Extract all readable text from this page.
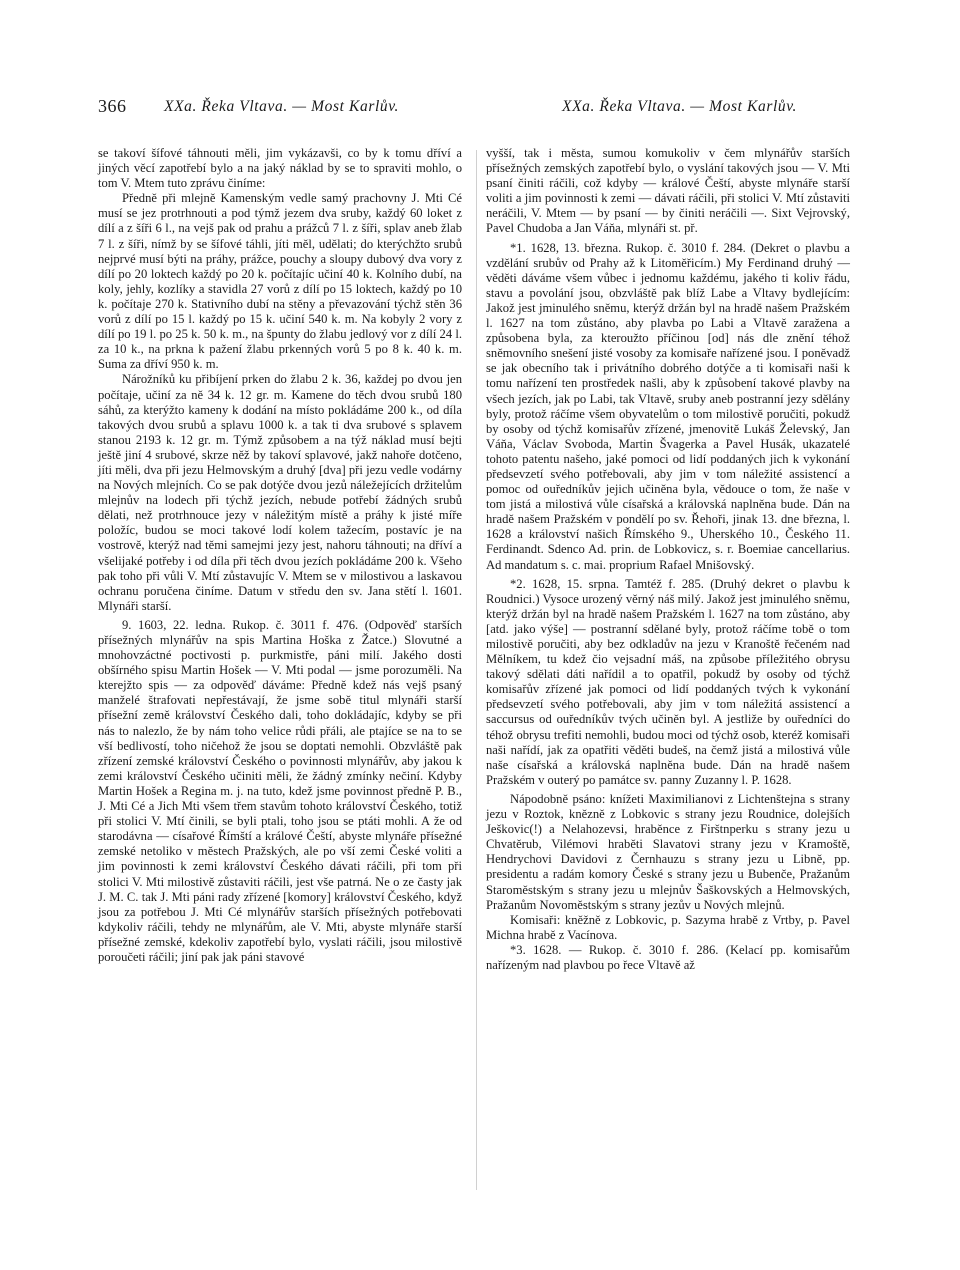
366 XXa. Řeka Vltava. — Most Karlův.	XXa. Řeka Vltava. — Most Karlův.

se takoví šífové táhnouti měli, jim vykázavši, co by k tomu dříví a jiných věcí zapotřebí bylo a na jaký náklad by se to spraviti mohlo, o tom V. Mtem tuto zprávu činíme:

Předně při mlejně Kamenským vedle samý prachovny J. Mti Cé musí se jez protrhnouti a pod týmž jezem dva sruby, každý 60 loket z dílí a z šíři 6 l., na vejš pak od prahu a prážců 7 l. z šíři, splav aneb žlab 7 l. z šíři, nímž by se šífové táhli, jíti měl, udělati; do kterýchžto srubů nejprvé musí býti na práhy, prážce, pouchy a sloupy dubový dva vory z dílí po 20 loktech každý po 20 k. počítajíc učiní 40 k. Kolního dubí, na koly, jehly, kozlíky a stavidla 27 vorů z dílí po 15 loktech, každý po 10 k. počítaje 270 k. Stativního dubí na stěny a převazování týchž stěn 36 vorů z dílí po 15 l. každý po 15 k. učiní 540 k. m. Na kobyly 2 vory z dílí po 19 l. po 25 k. 50 k. m., na špunty do žlabu jedlový vor z dílí 24 l. za 10 k., na prkna k pažení žlabu prkenných vorů 5 po 8 k. 40 k. m. Suma za dříví 950 k. m.

Nárožníků ku přibíjení prken do žlabu 2 k. 36, každej po dvou jen počítaje, učiní za ně 34 k. 12 gr. m. Kamene do těch dvou srubů 180 sáhů, za kterýžto kameny k dodání na místo pokládáme 200 k., od díla takových dvou srubů a splavu 1000 k. a tak ti dva srubové s splavem stanou 2193 k. 12 gr. m. Týmž způsobem a na týž náklad musí bejti ještě jiní 4 srubové, skrze něž by takoví splavové, jakž nahoře dotčeno, jíti měli, dva při jezu Helmovským a druhý [dva] při jezu vedle vodárny na Nových mlejních. Co se pak dotýče dvou jezů náležejících držitelům mlejnův na lodech při týchž jezích, nebude potřebí žádných srubů dělati, než protrhnouce jezy v náležitým místě a práhy k jisté míře položíc, budou se moci takové lodí kolem tažecím, postavíc je na vostrově, kterýž nad těmi samejmi jezy jest, nahoru táhnouti; na dříví a všelijaké potřeby i od díla při těch dvou jezích pokládáme 200 k. Všeho pak toho při vůli V. Mtí zůstavujíc V. Mtem se v milostivou a laskavou ochranu poručena činíme. Datum v středu den sv. Jana stětí l. 1601. Mlynáři starší.

9. 1603, 22. ledna. Rukop. č. 3011 f. 476. (Odpověď starších přísežných mlynářův na spis Martina Hoška z Žatce.) Slovutné a mnohovzáctné poctivosti p. purkmistře, páni milí. Jakého dosti obšírného spisu Martin Hošek — V. Mti podal — jsme porozuměli. Na kterejžto spis — za odpověď dáváme: Předně kdež nás vejš psaný manželé štrafovati nepřestávají, že jsme sobě titul mlynáři starší přísežní země království Českého dali, toho dokládajíc, kdyby se při nás to nalezlo, že by nám toho velice růdi přáli, ale ptajíce se na to se vší bedlivostí, toho ničehož že jsou se doptati nemohli. Obzvláště pak zřízení zemské království Českého o povinnosti mlynářův, aby jakou k zemi království Českého učiniti měli, že žádný zmínky nečiní. Kdyby Martin Hošek a Regina m. j. na tuto, kdež jsme povinnost předně P. B., J. Mti Cé a Jich Mti všem třem stavům tohoto království Českého, totiž při stolici V. Mtí činili, se byli ptali, toho jsou se ptáti mohli. A že od starodávna — císařové Římští a králové Čeští, abyste mlynáře přísežné zemské netoliko v městech Pražských, ale po vší zemi České voliti a jim povinnosti k zemi království Českého dávati ráčili, při tom při stolici V. Mti milostivě zůstaviti ráčili, jest vše patrná. Ne o ze časty jak J. M. C. tak J. Mti páni rady zřízené [komory] království Českého, když jsou za potřebou J. Mti Cé mlynářův starších přísežných potřebovati kdykoliv ráčili, tehdy ne mlynářům, ale V. Mti, abyste mlynáře starší přísežné zemské, kdekoliv zapotřebí bylo, vyslati ráčili, jsou milostivě poroučeti ráčili; jiní pak jak páni stavové

vyšší, tak i města, sumou komukoliv v čem mlynářův starších přísežných zemských zapotřebí bylo, o vyslání takových jsou — V. Mti psaní činiti ráčili, což kdyby — králové Čeští, abyste mlynáře starší voliti a jim povinnosti k zemi — dávati ráčili, při stolici V. Mtí zůstaviti neráčili, V. Mtem — by psaní — by činiti neráčili —. Sixt Vejrovský, Pavel Chudoba a Jan Váňa, mlynáři st. př.

*1. 1628, 13. března. Rukop. č. 3010 f. 284. (Dekret o plavbu a vzdělání srubův od Prahy až k Litoměřicím.) My Ferdinand druhý — věděti dáváme všem vůbec i jednomu každému, jakého ti koliv řádu, stavu a povolání jsou, obzvláště pak blíž Labe a Vltavy bydlejícím: Jakož jest jminulého sněmu, kterýž držán byl na hradě našem Pražském l. 1627 na tom zůstáno, aby plavba po Labi a Vltavě zaražena a způsobena byla, za kteroužto příčinou [od] nás dle znění téhož sněmovního snešení jisté vosoby za komisaře nařízené jsou. I poněvadž se jak obecního tak i privátního dobrého dotýče a ti komisaři naši k tomu nařízení ten prostředek našli, aby k způsobení takové plavby na všech jezích, jak po Labi, tak Vltavě, sruby aneb postranní jezy sdělány byly, protož ráčíme všem obyvatelům o tom milostivě poručiti, pokudž by osoby od týchž komisařův zřízené, jmenovitě Lukáš Želevský, Jan Váňa, Václav Svoboda, Martin Švagerka a Pavel Husák, ukazatelé tohoto patentu našeho, jaké pomoci od lidí poddaných jich k vykonání předsevzetí svého potřebovali, aby jim v tom náležité assistencí a pomoc od ouředníkův jejich učiněna byla, vědouce o tom, že naše v tom jistá a milostivá vůle císařská a královská naplněna bude. Dán na hradě našem Pražském v pondělí po sv. Řehoři, jinak 13. dne března, l. 1628 a království našich Římského 9., Uherského 10., Českého 11. Ferdinandt. Sdenco Ad. prin. de Lobkovicz, s. r. Boemiae cancellarius. Ad mandatum s. c. mai. proprium Rafael Mnišovský.

*2. 1628, 15. srpna. Tamtéž f. 285. (Druhý dekret o plavbu k Roudnici.) Vysoce urozený věrný náš milý. Jakož jest jminulého sněmu, kterýž držán byl na hradě našem Pražském l. 1627 na tom zůstáno, aby [atd. jako výše] — postranní sdělané byly, protož ráčíme tobě o tom milostivě poručiti, aby bez odkladův na jezu v Kranoště řečeném nad Mělníkem, tu kdež čio vejsadní máš, na způsobe příležitého obrysu takový sdělati dáti nařídil a to opatřil, pokudž by osoby od týchž komisařův zřízené jak pomoci od lidí poddaných tvých k vykonání předsevzetí svého potřebovali, aby jim v tom náležitá assistencí a saccursus od ouředníkův tvých učiněn byl. A jestliže by ouředníci do téhož obrysu trefiti nemohli, budou moci od týchž osob, kteréž komisaři naši nařídí, jak za opatřiti věděti budeš, na čemž jistá a milostivá vůle naše císařská a královská naplněna bude. Dán na hradě našem Pražském v outerý po památce sv. panny Zuzanny l. P. 1628.

Nápodobně psáno: knížeti Maximilianovi z Lichtenštejna s strany jezu v Roztok, knězně z Lobkovic s strany jezu Roudnice, dolejších Ješkovic(!) a Nelahozevsi, hraběnce z Firštnperku s strany jezu u Chvatěrub, Vilémovi hraběti Slavatovi strany jezu v Kramoště, Hendrychovi Davidovi z Černhauzu s strany jezu u Libně, pp. presidentu a radám komory České s strany jezu u Bubenče, Pražanům Staroměstským s strany jezu u mlejnův Šaškovských a Helmovských, Pražanům Novoměstským s strany jezův u Nových mlejnů.

Komisaři: kněžně z Lobkovic, p. Sazyma hrabě z Vrtby, p. Pavel Michna hrabě z Vacínova.

*3. 1628. — Rukop. č. 3010 f. 286. (Kelací pp. komisařům nařízeným nad plavbou po řece Vltavě až
